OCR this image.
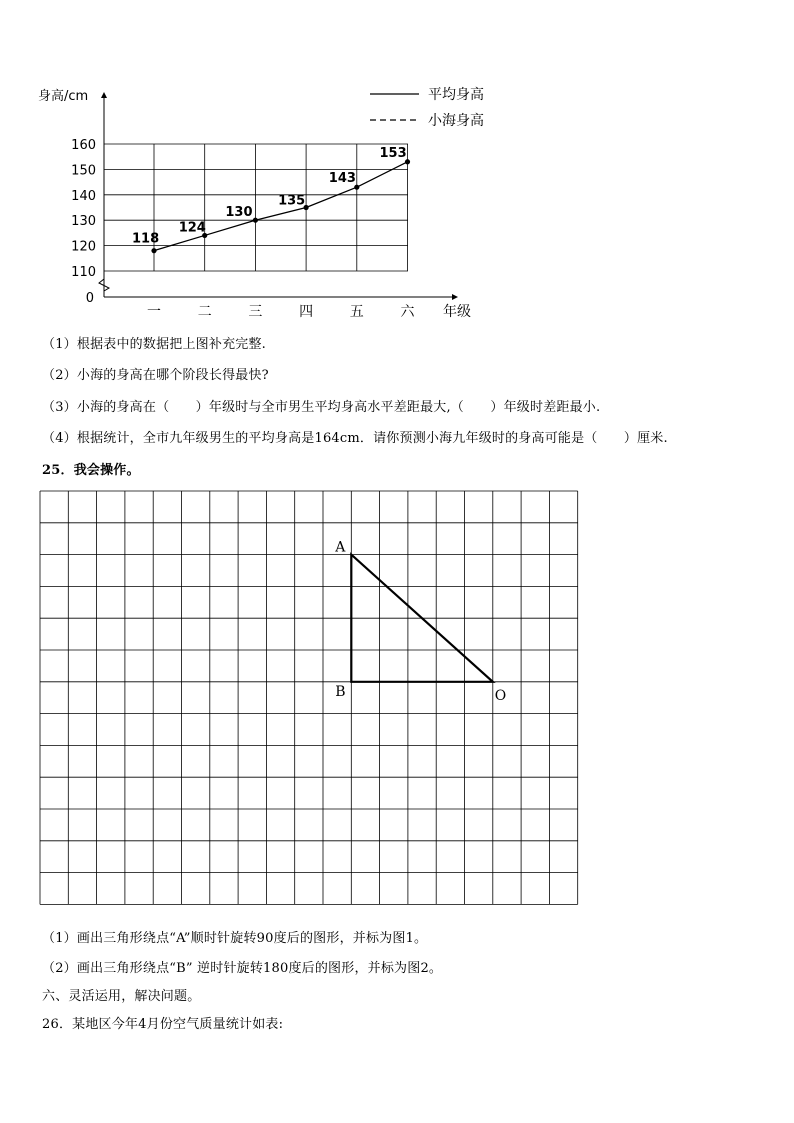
0
110
120
130
140
150
160
身高/cm
一	二	三	四	五	六 年级
118
124
130
135
143
153
平均身高
小海身高
（1）根据表中的数据把上图补充完整.
（2）小海的身高在哪个阶段长得最快?
（3）小海的身高在（　　）年级时与全市男生平均身高水平差距最大,（　　）年级时差距最小.
（4）根据统计，全市九年级男生的平均身高是164cm．请你预测小海九年级时的身高可能是（　　）厘米.
25．我会操作。
A
B	O
（1）画出三角形绕点“A”顺时针旋转90度后的图形，并标为图1。
（2）画出三角形绕点“B” 逆时针旋转180度后的图形，并标为图2。
六、灵活运用，解决问题。
26．某地区今年4月份空气质量统计如表:
